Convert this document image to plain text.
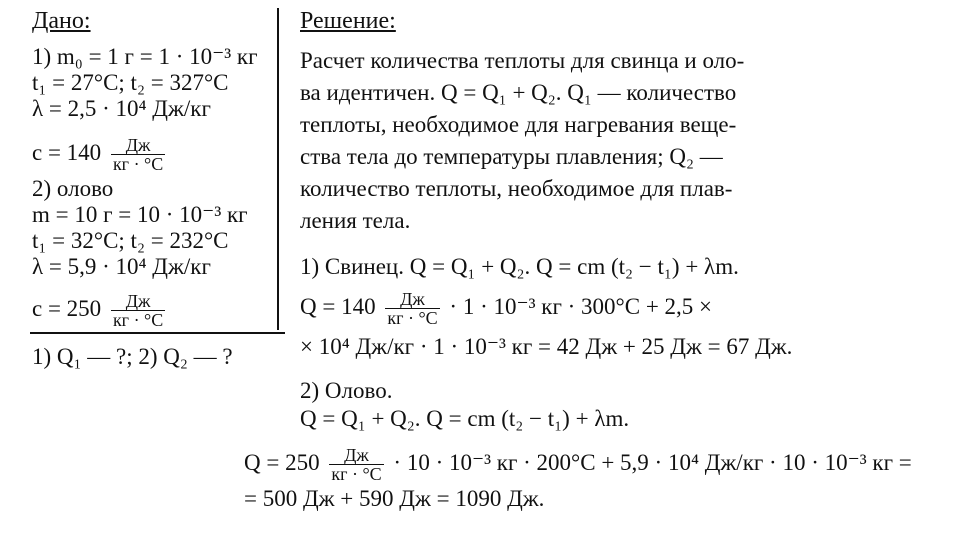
Дано:
1) m₀ = 1 г = 1 · 10⁻³ кг
t₁ = 27°C; t₂ = 327°C
λ = 2,5 · 10⁴ Дж/кг
$c = 140 \frac{Дж}{кг \cdot ^\circ C}$
2) олово
m = 10 г = 10 · 10⁻³ кг
t₁ = 32°C; t₂ = 232°C
λ = 5,9 · 10⁴ Дж/кг
$c = 250 \frac{Дж}{кг \cdot ^\circ C}$
1) Q₁ — ?; 2) Q₂ — ?
Решение:
Расчет количества теплоты для свинца и оло-
ва идентичен. Q = Q₁ + Q₂. Q₁ — количество
теплоты, необходимое для нагревания веще-
ства тела до температуры плавления; Q₂ —
количество теплоты, необходимое для плав-
ления тела.
1) Свинец. Q = Q₁ + Q₂. Q = cm (t₂ − t₁) + λm.
$Q = 140 \frac{Дж}{кг \cdot ^\circ C} \cdot 1 \cdot 10^{-3}$ кг · 300°C + 2,5 ×
× 10⁴ Дж/кг · 1 · 10⁻³ кг = 42 Дж + 25 Дж = 67 Дж.
2) Олово.
Q = Q₁ + Q₂. Q = cm (t₂ − t₁) + λm.
$Q = 250 \frac{Дж}{кг \cdot ^\circ C} \cdot 10 \cdot 10^{-3}$ кг · 200°C + 5,9 · 10⁴ Дж/кг · 10 · 10⁻³ кг =
= 500 Дж + 590 Дж = 1090 Дж.
